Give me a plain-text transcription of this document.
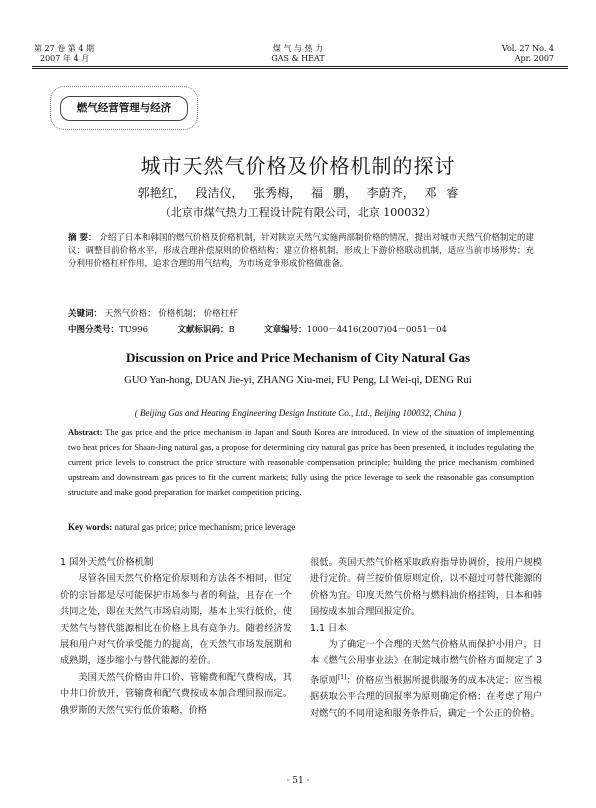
第 27 卷 第 4 期
2007 年 4 月
煤 气 与 热 力
GAS & HEAT
Vol. 27 No. 4
Apr. 2007
燃气经营管理与经济
城市天然气价格及价格机制的探讨
郭艳红， 段洁仪， 张秀梅， 福 鹏， 李蔚齐， 邓 睿
（北京市煤气热力工程设计院有限公司，北京 100032）
摘 要： 介绍了日本和韩国的燃气价格及价格机制，针对陕京天然气实施两部制价格的情况，提出对城市天然气价格制定的建议：调整目前价格水平，形成合理补偿原则的价格结构；建立价格机制，形成上下游价格联动机制，适应当前市场形势；充分利用价格杠杆作用，追求合理的用气结构，为市场竞争形成价格做准备。
关键词： 天然气价格； 价格机制； 价格杠杆
中图分类号：TU996	文献标识码：B	文章编号：1000－4416(2007)04－0051－04
Discussion on Price and Price Mechanism of City Natural Gas
GUO Yan-hong, DUAN Jie-yi, ZHANG Xiu-mei, FU Peng, LI Wei-qi, DENG Rui
( Beijing Gas and Heating Engineering Design Institute Co., Ltd., Beijing 100032, China )
Abstract: The gas price and the price mechanism in Japan and South Korea are introduced. In view of the situation of implementing two heat prices for Shaan-Jing natural gas, a propose for determining city natural gas price has been presented, it includes regulating the current price levels to construct the price structure with reasonable compensation principle; building the price mechanism combined upstream and downstream gas prices to fit the current markets; fully using the price leverage to seek the reasonable gas consumption structure and make good preparation for market competition pricing.
Key words: natural gas price; price mechanism; price leverage
1 国外天然气价格机制

尽管各国天然气价格定价原则和方法各不相同，但定价的宗旨都是尽可能保护市场参与者的利益，且存在一个共同之处，即在天然气市场启动期，基本上实行低价，使天然气与替代能源相比在价格上具有竞争力。随着经济发展和用户对气价承受能力的提高，在天然气市场发展期和成熟期，逐步缩小与替代能源的差价。

美国天然气价格由井口价、管输费和配气费构成，其中井口价放开，管输费和配气费按成本加合理回报而定。俄罗斯的天然气实行低价策略，价格

很低。英国天然气价格采取政府指导协调价，按用户规模进行定价。荷兰按价值原则定价，以不超过可替代能源的价格为宜。印度天然气价格与燃料油价格挂钩，日本和韩国按成本加合理回报定价。

1.1 日本

为了确定一个合理的天然气价格从而保护小用户，日本《燃气公用事业法》在制定城市燃气价格方面规定了 3 条原则[1]：价格应当根据所提供服务的成本决定；应当根据获取公平合理的回报率为原则确定价格；在考虑了用户对燃气的不同用途和服务条件后，确定一个公正的价格。

· 51 ·
